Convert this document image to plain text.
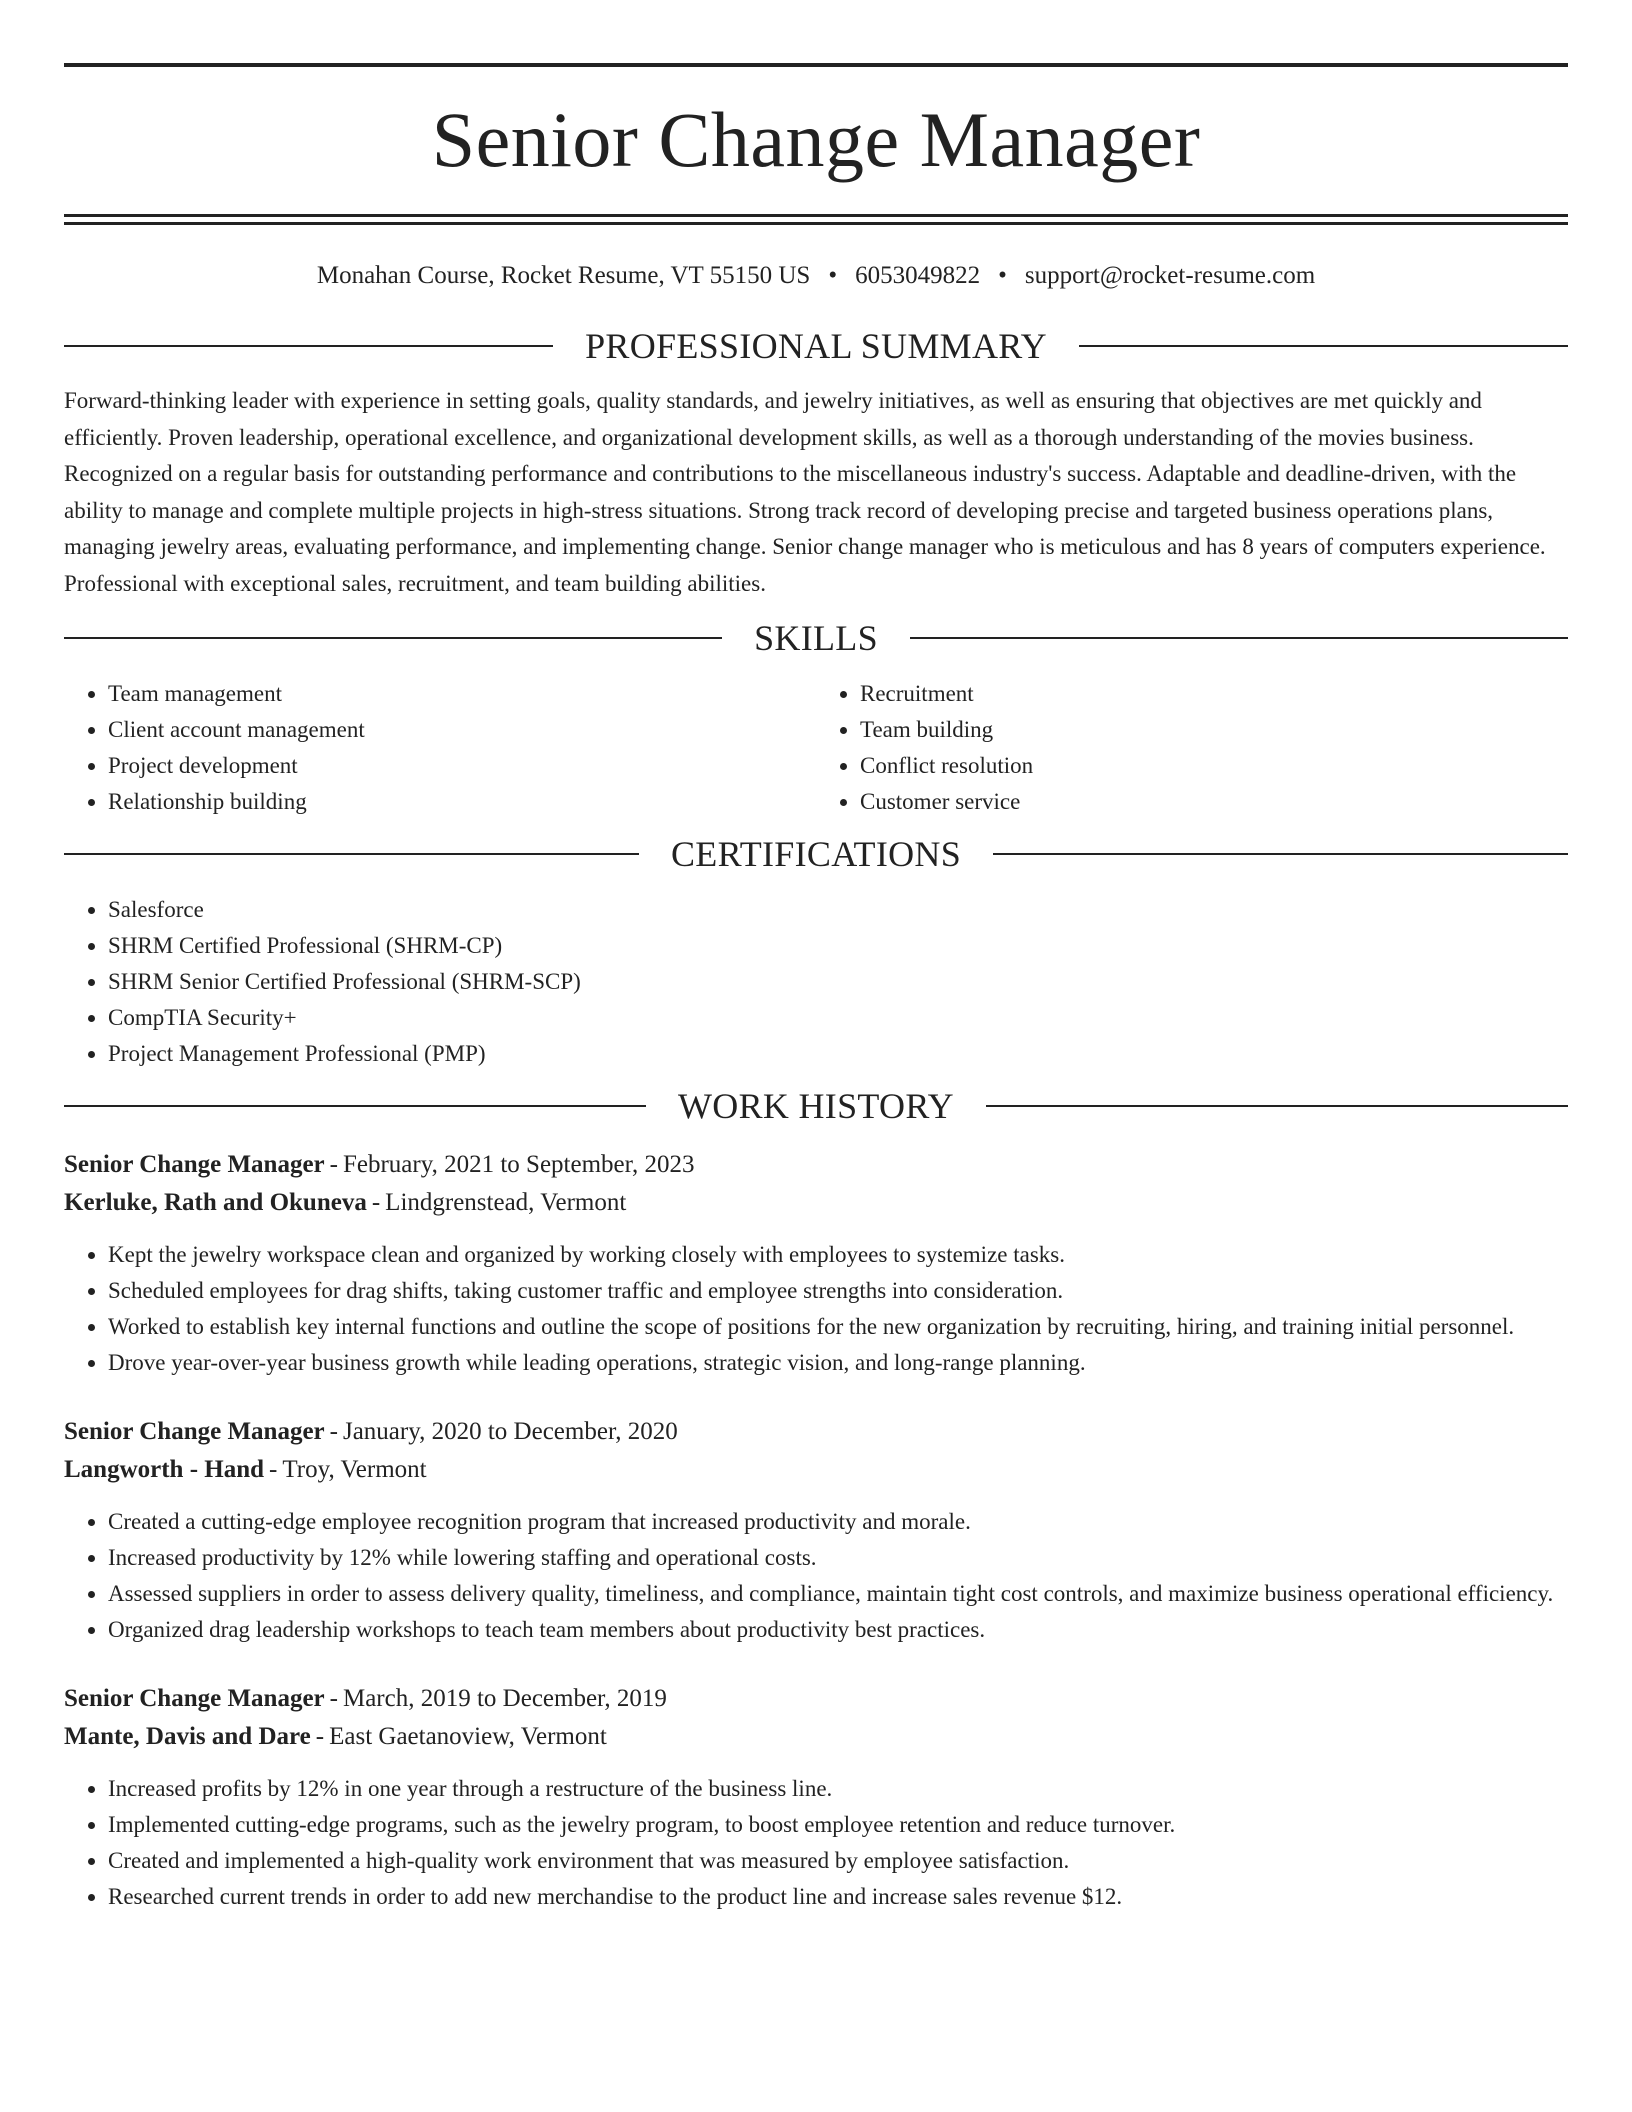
Senior Change Manager
Monahan Course, Rocket Resume, VT 55150 US • 6053049822 • support@rocket-resume.com
PROFESSIONAL SUMMARY

Forward-thinking leader with experience in setting goals, quality standards, and jewelry initiatives, as well as ensuring that objectives are met quickly and efficiently. Proven leadership, operational excellence, and organizational development skills, as well as a thorough understanding of the movies business. Recognized on a regular basis for outstanding performance and contributions to the miscellaneous industry's success. Adaptable and deadline-driven, with the ability to manage and complete multiple projects in high-stress situations. Strong track record of developing precise and targeted business operations plans, managing jewelry areas, evaluating performance, and implementing change. Senior change manager who is meticulous and has 8 years of computers experience. Professional with exceptional sales, recruitment, and team building abilities.

SKILLS
• Team management
• Client account management
• Project development
• Relationship building
• Recruitment
• Team building
• Conflict resolution
• Customer service
CERTIFICATIONS
• Salesforce
• SHRM Certified Professional (SHRM-CP)
• SHRM Senior Certified Professional (SHRM-SCP)
• CompTIA Security+
• Project Management Professional (PMP)
WORK HISTORY
Senior Change Manager - February, 2021 to September, 2023
Kerluke, Rath and Okuneva - Lindgrenstead, Vermont
• Kept the jewelry workspace clean and organized by working closely with employees to systemize tasks.
• Scheduled employees for drag shifts, taking customer traffic and employee strengths into consideration.
• Worked to establish key internal functions and outline the scope of positions for the new organization by recruiting, hiring, and training initial personnel.
• Drove year-over-year business growth while leading operations, strategic vision, and long-range planning.
Senior Change Manager - January, 2020 to December, 2020
Langworth - Hand - Troy, Vermont
• Created a cutting-edge employee recognition program that increased productivity and morale.
• Increased productivity by 12% while lowering staffing and operational costs.
• Assessed suppliers in order to assess delivery quality, timeliness, and compliance, maintain tight cost controls, and maximize business operational efficiency.
• Organized drag leadership workshops to teach team members about productivity best practices.
Senior Change Manager - March, 2019 to December, 2019
Mante, Davis and Dare - East Gaetanoview, Vermont
• Increased profits by 12% in one year through a restructure of the business line.
• Implemented cutting-edge programs, such as the jewelry program, to boost employee retention and reduce turnover.
• Created and implemented a high-quality work environment that was measured by employee satisfaction.
• Researched current trends in order to add new merchandise to the product line and increase sales revenue $12.
